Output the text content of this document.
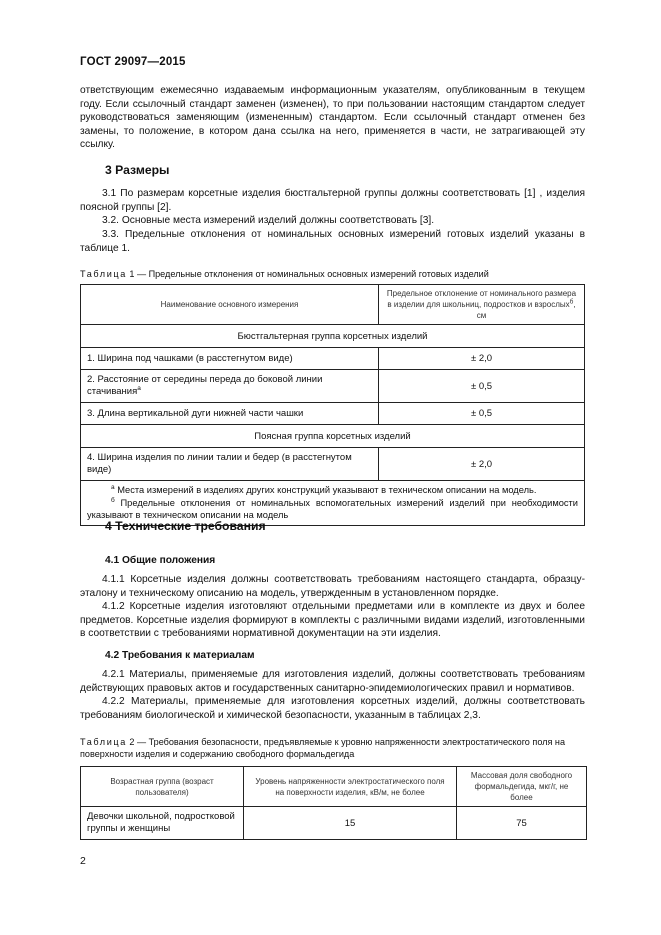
ГОСТ 29097—2015

ответствующим ежемесячно издаваемым информационным указателям, опубликованным в текущем году. Если ссылочный стандарт заменен (изменен), то при пользовании настоящим стандартом следует руководствоваться заменяющим (измененным) стандартом. Если ссылочный стандарт отменен без замены, то положение, в котором дана ссылка на него, применяется в части, не затрагивающей эту ссылку.

3 Размеры

3.1 По размерам корсетные изделия бюстгальтерной группы должны соответствовать [1] , изделия поясной группы [2].

3.2. Основные места измерений изделий должны соответствовать [3].

3.3. Предельные отклонения от номинальных основных измерений готовых изделий указаны в таблице 1.

Таблица 1 — Предельные отклонения от номинальных основных измерений готовых изделий

Наименование основного измерения	Предельное отклонение от номинального размера в изделии для школьниц, подростков и взрослых$^б$, см
Бюстгальтерная группа корсетных изделий	
1. Ширина под чашками (в расстегнутом виде)	± 2,0
2. Расстояние от середины переда до боковой линии стачивания$^а$	± 0,5
3. Длина вертикальной дуги нижней части чашки	± 0,5
Поясная группа корсетных изделий	
4. Ширина изделия по линии талии и бедер (в расстегнутом виде)	± 2,0

$^а$ Места измерений в изделиях других конструкций указывают в техническом описании на модель.
$^б$ Предельные отклонения от номинальных вспомогательных измерений изделий при необходимости указывают в техническом описании на модель	
4 Технические требования
4.1 Общие положения

4.1.1 Корсетные изделия должны соответствовать требованиям настоящего стандарта, образцу-эталону и техническому описанию на модель, утвержденным в установленном порядке.

4.1.2 Корсетные изделия изготовляют отдельными предметами или в комплекте из двух и более предметов. Корсетные изделия формируют в комплекты с различными видами изделий, изготовленными в соответствии с требованиями нормативной документации на эти изделия.

4.2 Требования к материалам

4.2.1 Материалы, применяемые для изготовления изделий, должны соответствовать требованиям действующих правовых актов и государственных санитарно-эпидемиологических правил и нормативов.

4.2.2 Материалы, применяемые для изготовления корсетных изделий, должны соответствовать требованиям биологической и химической безопасности, указанным в таблицах 2,3.

Таблица 2 — Требования безопасности, предъявляемые к уровню напряженности электростатического поля на поверхности изделия и содержанию свободного формальдегида

Возрастная группа (возраст пользователя)	Уровень напряженности электростатического поля на поверхности изделия, кВ/м, не более	Массовая доля свободного формальдегида, мкг/г, не более
Девочки школьной, подростковой группы и женщины	15	75
2
